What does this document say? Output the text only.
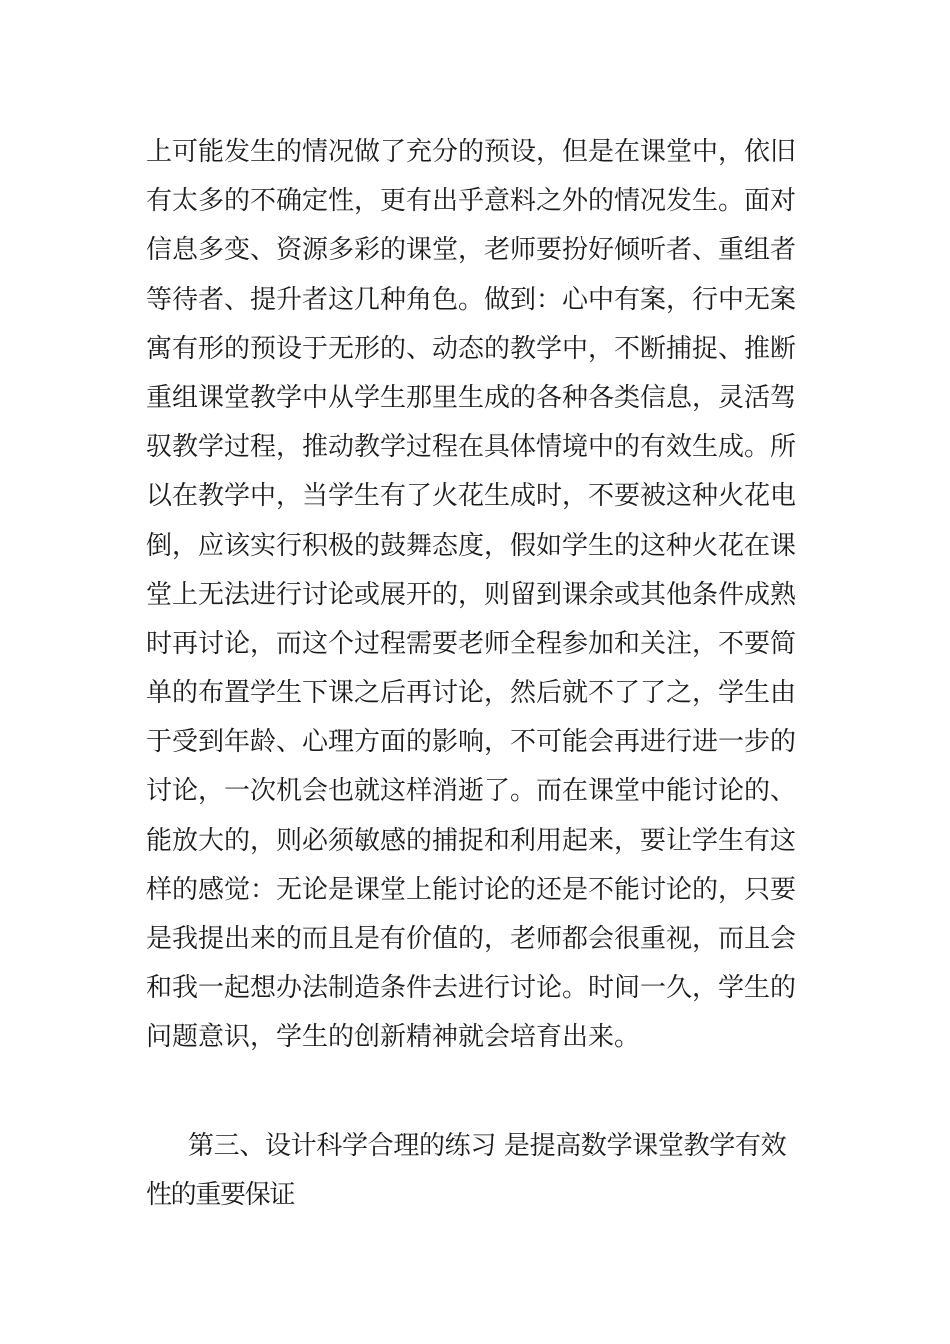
上可能发生的情况做了充分的预设，但是在课堂中，依旧
有太多的不确定性，更有出乎意料之外的情况发生。面对
信息多变、资源多彩的课堂，老师要扮好倾听者、重组者
等待者、提升者这几种角色。做到：心中有案，行中无案
寓有形的预设于无形的、动态的教学中，不断捕捉、推断
重组课堂教学中从学生那里生成的各种各类信息，灵活驾
驭教学过程，推动教学过程在具体情境中的有效生成。所
以在教学中，当学生有了火花生成时，不要被这种火花电
倒，应该实行积极的鼓舞态度，假如学生的这种火花在课
堂上无法进行讨论或展开的，则留到课余或其他条件成熟
时再讨论，而这个过程需要老师全程参加和关注，不要简
单的布置学生下课之后再讨论，然后就不了了之，学生由
于受到年龄、心理方面的影响，不可能会再进行进一步的
讨论，一次机会也就这样消逝了。而在课堂中能讨论的、
能放大的，则必须敏感的捕捉和利用起来，要让学生有这
样的感觉：无论是课堂上能讨论的还是不能讨论的，只要
是我提出来的而且是有价值的，老师都会很重视，而且会
和我一起想办法制造条件去进行讨论。时间一久，学生的
问题意识，学生的创新精神就会培育出来。
第三、设计科学合理的练习 是提高数学课堂教学有效
性的重要保证
